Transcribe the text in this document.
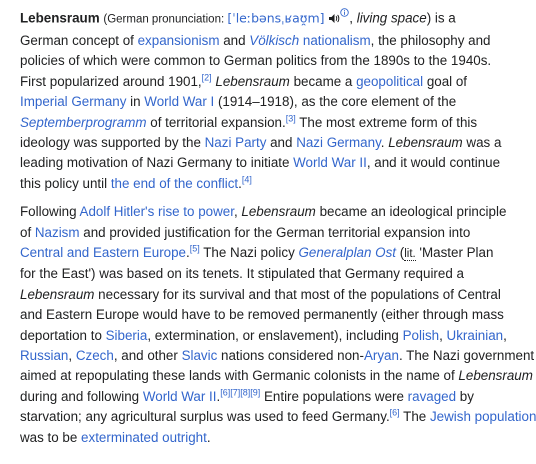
Lebensraum (German pronunciation: [ˈleːbənsˌʁaʊ̯m] , living space) is a
German concept of expansionism and Völkisch nationalism, the philosophy and
policies of which were common to German politics from the 1890s to the 1940s.
First popularized around 1901,[2] Lebensraum became a geopolitical goal of
Imperial Germany in World War I (1914–1918), as the core element of the
Septemberprogramm of territorial expansion.[3] The most extreme form of this
ideology was supported by the Nazi Party and Nazi Germany. Lebensraum was a
leading motivation of Nazi Germany to initiate World War II, and it would continue
this policy until the end of the conflict.[4]

Following Adolf Hitler's rise to power, Lebensraum became an ideological principle
of Nazism and provided justification for the German territorial expansion into
Central and Eastern Europe.[5] The Nazi policy Generalplan Ost (lit. 'Master Plan
for the East') was based on its tenets. It stipulated that Germany required a
Lebensraum necessary for its survival and that most of the populations of Central
and Eastern Europe would have to be removed permanently (either through mass
deportation to Siberia, extermination, or enslavement), including Polish, Ukrainian,
Russian, Czech, and other Slavic nations considered non-Aryan. The Nazi government
aimed at repopulating these lands with Germanic colonists in the name of Lebensraum
during and following World War II.[6][7][8][9] Entire populations were ravaged by
starvation; any agricultural surplus was used to feed Germany.[6] The Jewish population
was to be exterminated outright.
